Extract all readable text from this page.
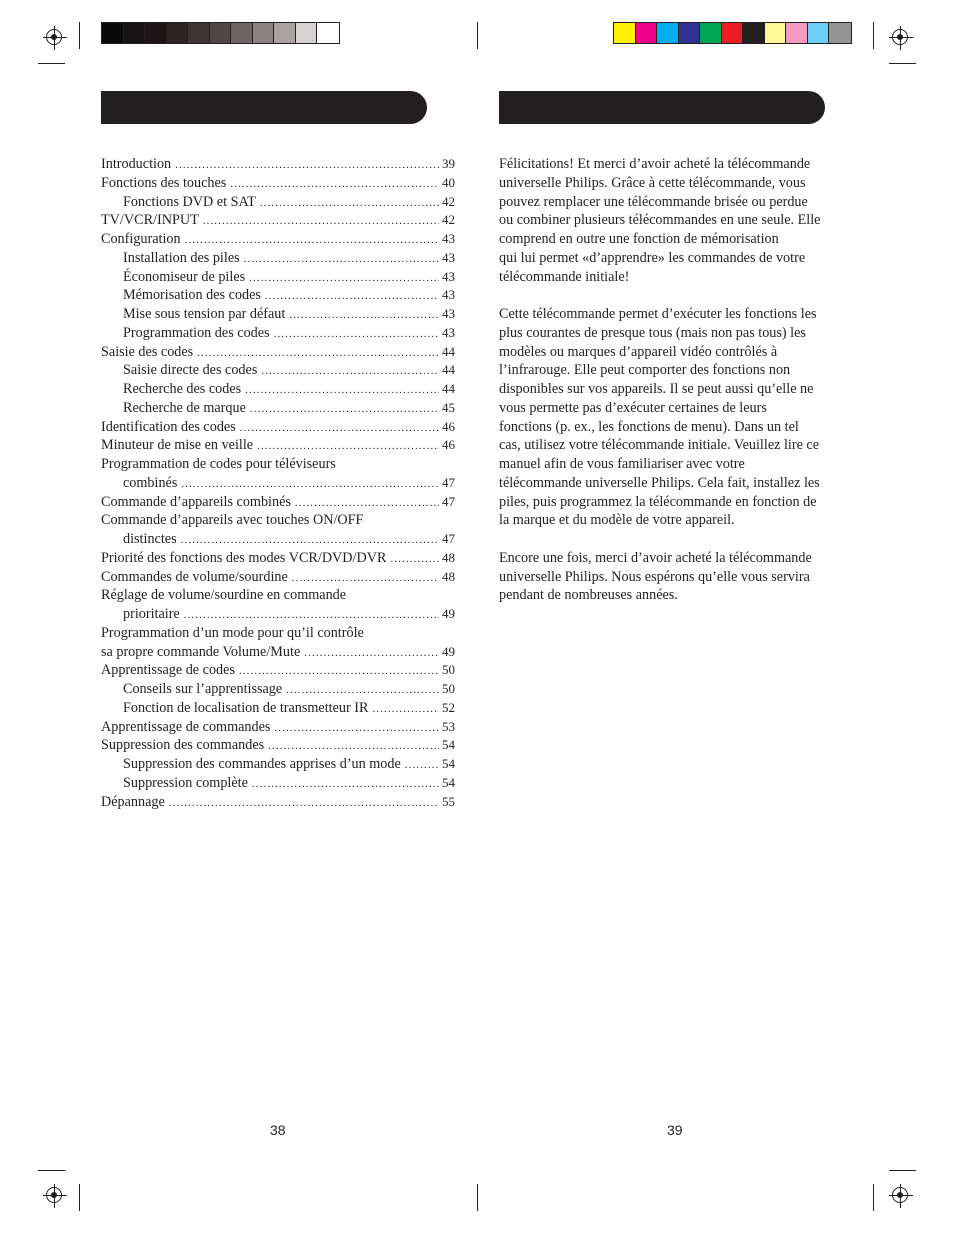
Introduction .....	39
Fonctions des touches .....	40
Fonctions DVD et SAT .....	42
TV/VCR/INPUT .....	42
Configuration .....	43
Installation des piles .....	43
Économiseur de piles .....	43
Mémorisation des codes .....	43
Mise sous tension par défaut .....	43
Programmation des codes .....	43
Saisie des codes .....	44
Saisie directe des codes .....	44
Recherche des codes .....	44
Recherche de marque .....	45
Identification des codes .....	46
Minuteur de mise en veille .....	46
Programmation de codes pour téléviseurs
combinés .....	47
Commande d’appareils combinés .....	47
Commande d’appareils avec touches ON/OFF
distinctes .....	47
Priorité des fonctions des modes VCR/DVD/DVR .....	48
Commandes de volume/sourdine .....	48
Réglage de volume/sourdine en commande
prioritaire .....	49
Programmation d’un mode pour qu’il contrôle
sa propre commande Volume/Mute .....	49
Apprentissage de codes .....	50
Conseils sur l’apprentissage .....	50
Fonction de localisation de transmetteur IR .....	52
Apprentissage de commandes .....	53
Suppression des commandes .....	54
Suppression des commandes apprises d’un mode .....	54
Suppression complète .....	54
Dépannage .....	55

Félicitations! Et merci d’avoir acheté la télécommande
universelle Philips. Grâce à cette télécommande, vous
pouvez remplacer une télécommande brisée ou perdue
ou combiner plusieurs télécommandes en une seule. Elle
comprend en outre une fonction de mémorisation
qui lui permet «d’apprendre» les commandes de votre
télécommande initiale!

Cette télécommande permet d’exécuter les fonctions les
plus courantes de presque tous (mais non pas tous) les
modèles ou marques d’appareil vidéo contrôlés à
l’infrarouge. Elle peut comporter des fonctions non
disponibles sur vos appareils. Il se peut aussi qu’elle ne
vous permette pas d’exécuter certaines de leurs
fonctions (p. ex., les fonctions de menu). Dans un tel
cas, utilisez votre télécommande initiale. Veuillez lire ce
manuel afin de vous familiariser avec votre
télécommande universelle Philips. Cela fait, installez les
piles, puis programmez la télécommande en fonction de
la marque et du modèle de votre appareil.

Encore une fois, merci d’avoir acheté la télécommande
universelle Philips. Nous espérons qu’elle vous servira
pendant de nombreuses années.

38	39
